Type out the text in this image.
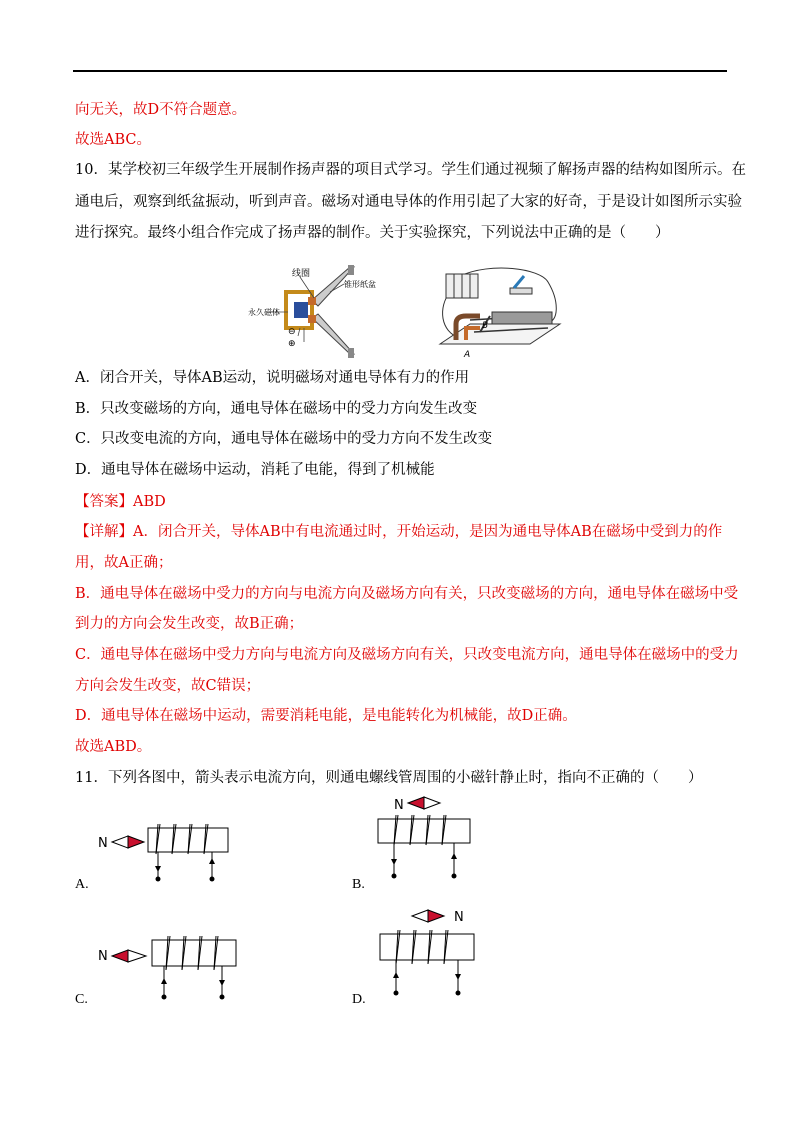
向无关，故D不符合题意。
故选ABC。
10．某学校初三年级学生开展制作扬声器的项目式学习。学生们通过视频了解扬声器的结构如图所示。在
通电后，观察到纸盆振动，听到声音。磁场对通电导体的作用引起了大家的好奇，于是设计如图所示实验
进行探究。最终小组合作完成了扬声器的制作。关于实验探究，下列说法中正确的是（　　）
线圈
锥形纸盆
永久磁体
⊖
⊕
B
A
A．闭合开关，导体AB运动，说明磁场对通电导体有力的作用
B．只改变磁场的方向，通电导体在磁场中的受力方向发生改变
C．只改变电流的方向，通电导体在磁场中的受力方向不发生改变
D．通电导体在磁场中运动，消耗了电能，得到了机械能
【答案】ABD
【详解】A．闭合开关，导体AB中有电流通过时，开始运动，是因为通电导体AB在磁场中受到力的作
用，故A正确；
B．通电导体在磁场中受力的方向与电流方向及磁场方向有关，只改变磁场的方向，通电导体在磁场中受
到力的方向会发生改变，故B正确；
C．通电导体在磁场中受力方向与电流方向及磁场方向有关，只改变电流方向，通电导体在磁场中的受力
方向会发生改变，故C错误；
D．通电导体在磁场中运动，需要消耗电能，是电能转化为机械能，故D正确。
故选ABD。
11．下列各图中，箭头表示电流方向，则通电螺线管周围的小磁针静止时，指向不正确的（　　）
N
A.
N
B.
N
C.
N
D.
